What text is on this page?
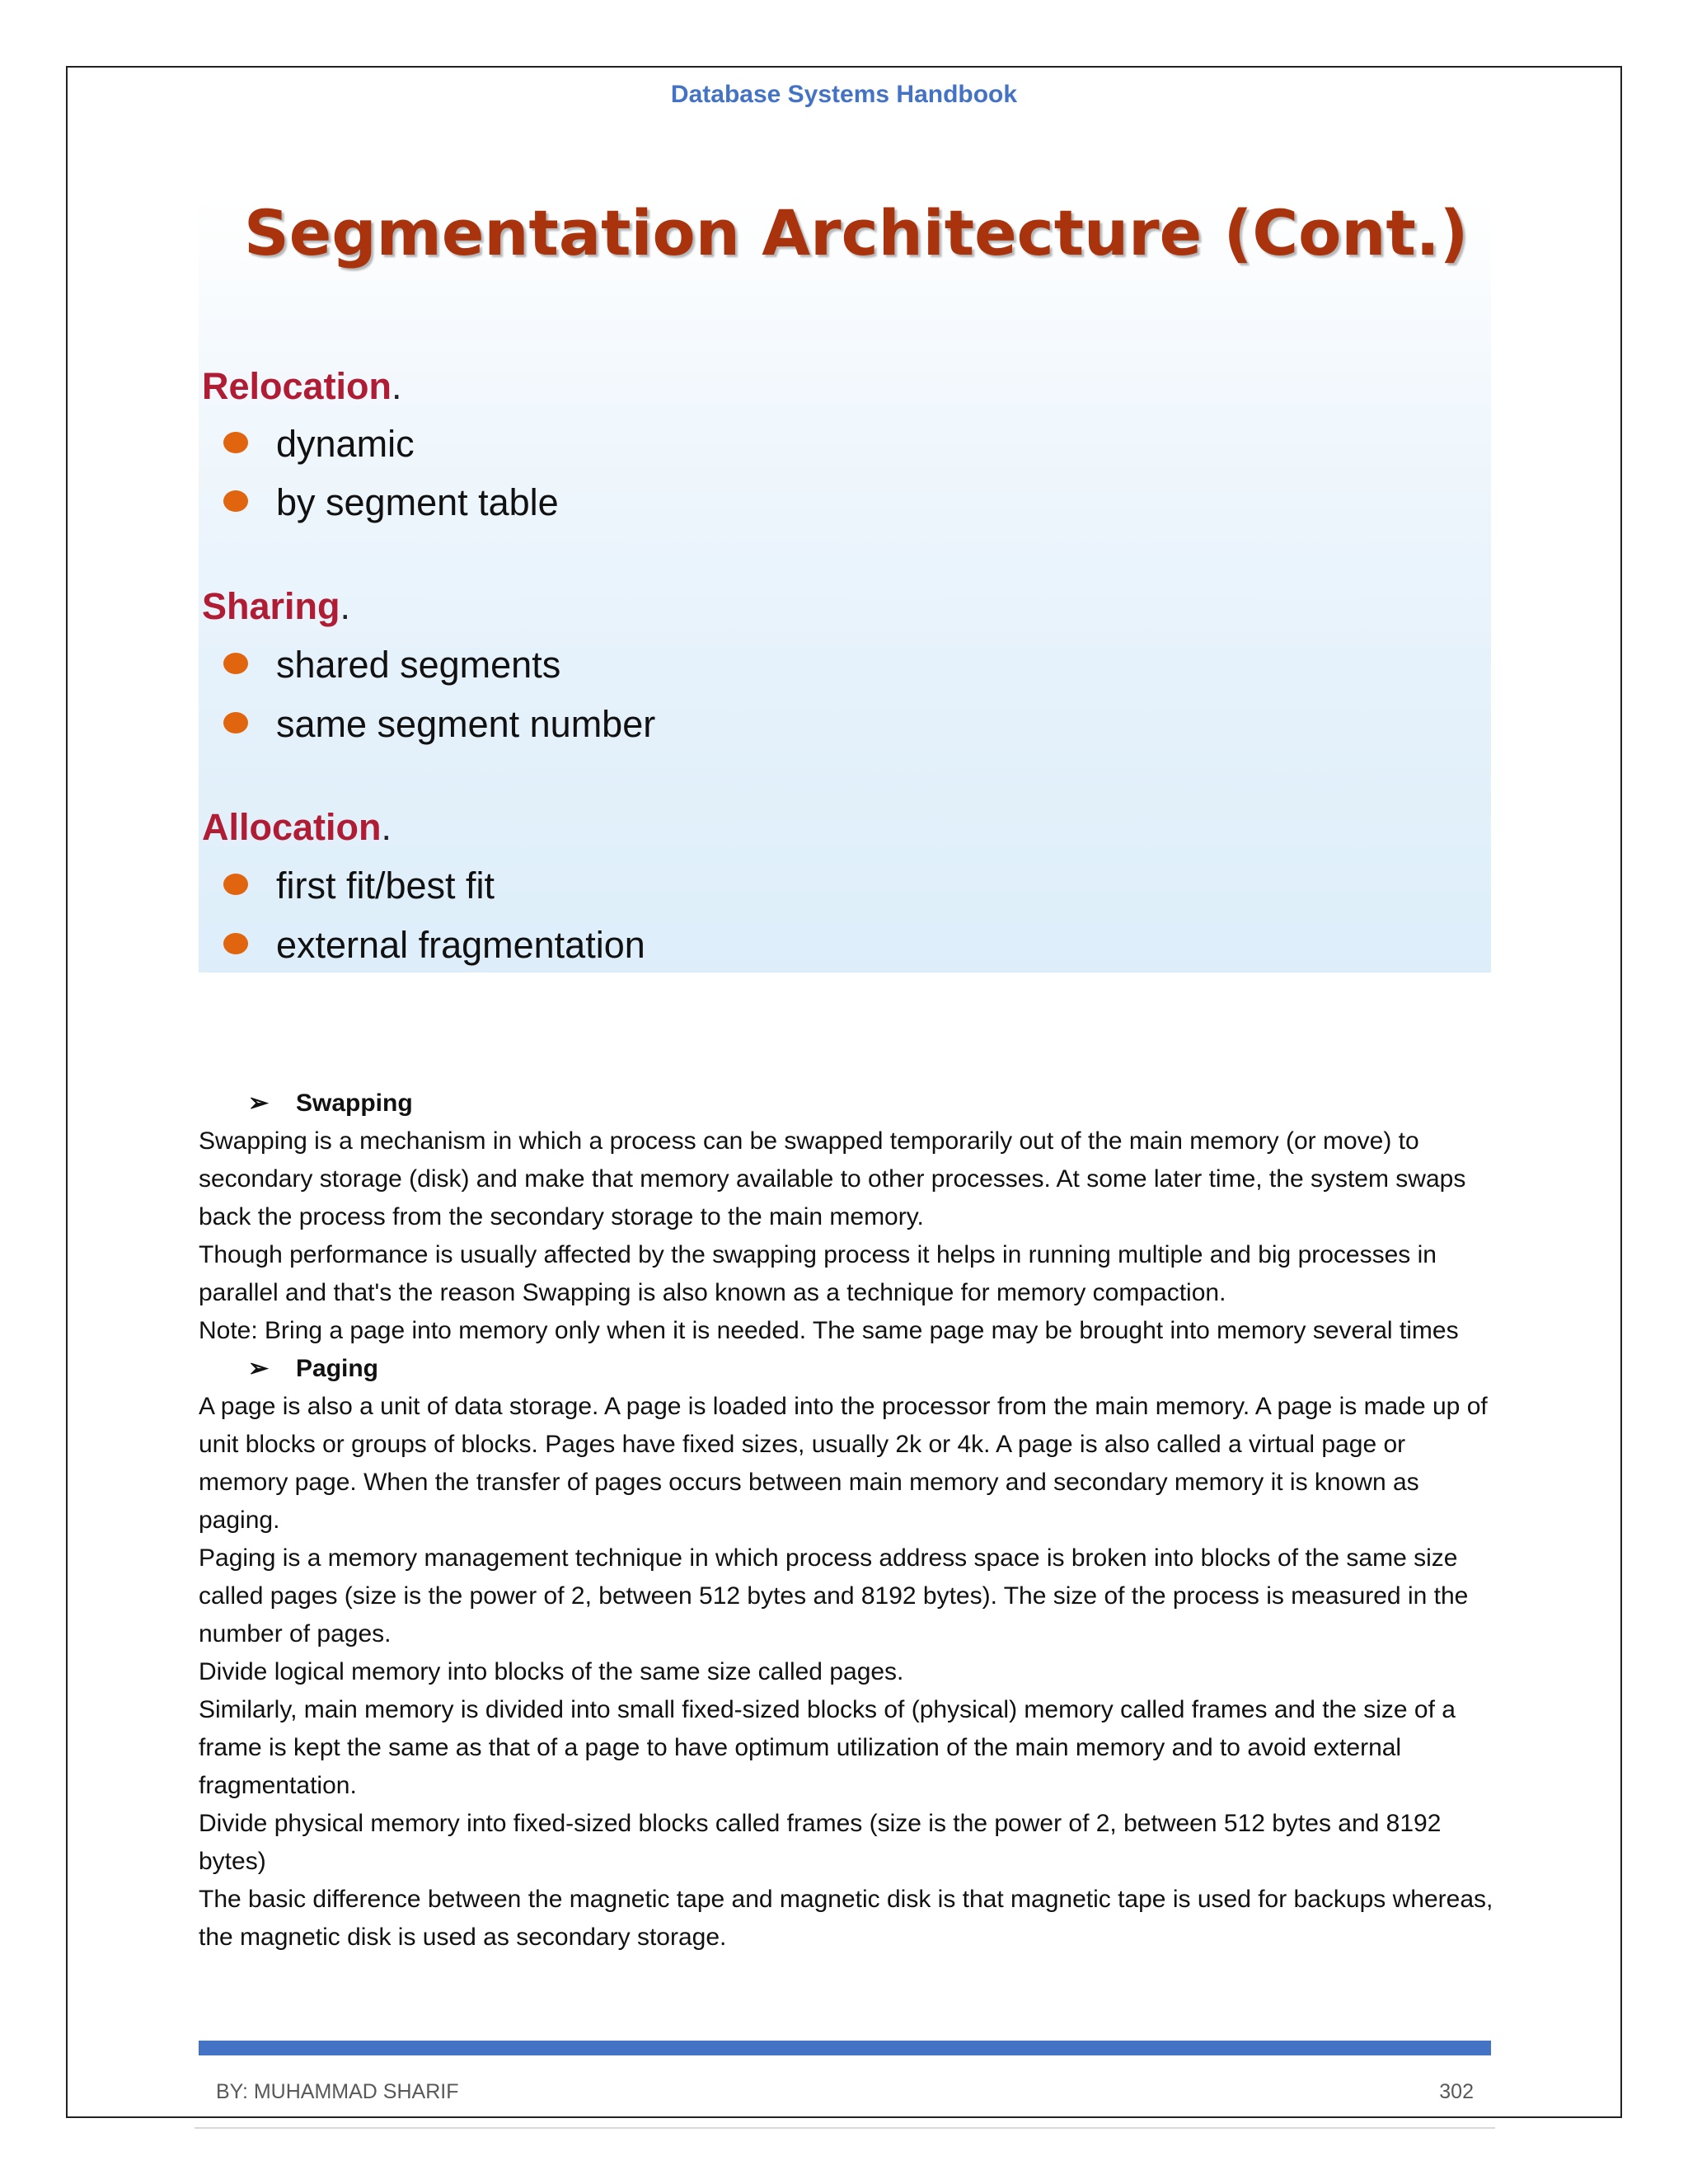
Database Systems Handbook
Segmentation Architecture (Cont.)
Relocation.
dynamic
by segment table
Sharing.
shared segments
same segment number
Allocation.
first fit/best fit
external fragmentation

➢ Swapping

Swapping is a mechanism in which a process can be swapped temporarily out of the main memory (or move) to secondary storage (disk) and make that memory available to other processes. At some later time, the system swaps back the process from the secondary storage to the main memory.

Though performance is usually affected by the swapping process it helps in running multiple and big processes in parallel and that's the reason Swapping is also known as a technique for memory compaction.

Note: Bring a page into memory only when it is needed. The same page may be brought into memory several times

➢ Paging

A page is also a unit of data storage. A page is loaded into the processor from the main memory. A page is made up of unit blocks or groups of blocks. Pages have fixed sizes, usually 2k or 4k. A page is also called a virtual page or memory page. When the transfer of pages occurs between main memory and secondary memory it is known as paging.

Paging is a memory management technique in which process address space is broken into blocks of the same size called pages (size is the power of 2, between 512 bytes and 8192 bytes). The size of the process is measured in the number of pages.

Divide logical memory into blocks of the same size called pages.

Similarly, main memory is divided into small fixed-sized blocks of (physical) memory called frames and the size of a frame is kept the same as that of a page to have optimum utilization of the main memory and to avoid external fragmentation.

Divide physical memory into fixed-sized blocks called frames (size is the power of 2, between 512 bytes and 8192 bytes)

The basic difference between the magnetic tape and magnetic disk is that magnetic tape is used for backups whereas, the magnetic disk is used as secondary storage.

BY: MUHAMMAD SHARIF	302
